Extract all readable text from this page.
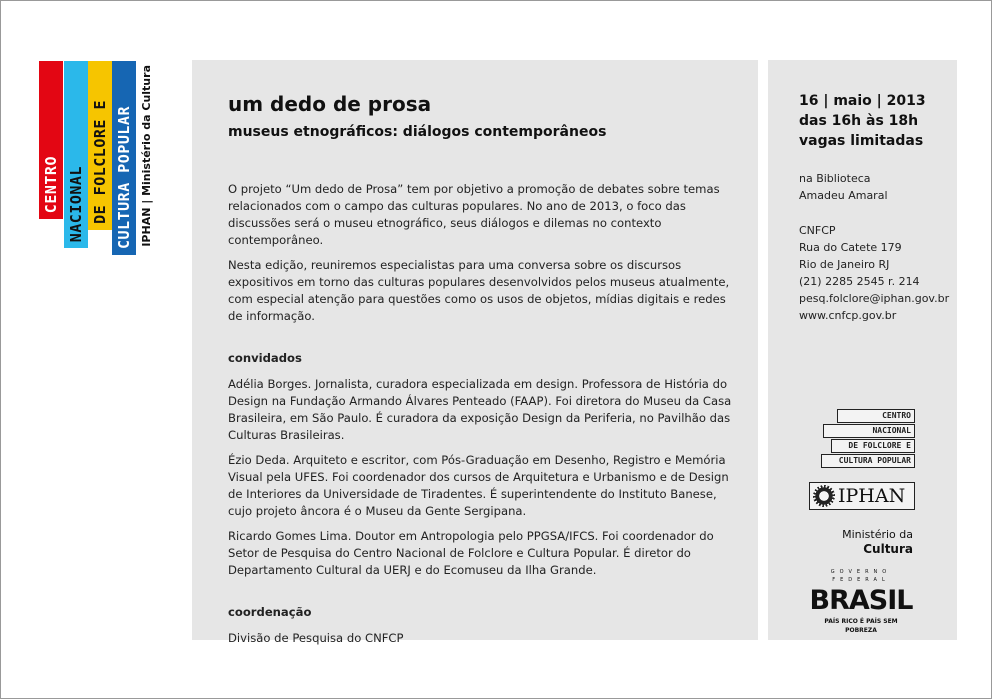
CENTRO NACIONAL DE FOLCLORE E CULTURA POPULAR IPHAN | Ministério da Cultura	um dedo de prosa
museus etnográficos: diálogos contemporâneos

O projeto “Um dedo de Prosa” tem por objetivo a promoção de debates sobre temas relacionados com o campo das culturas populares. No ano de 2013, o foco das discussões será o museu etnográfico, seus diálogos e dilemas no contexto contemporâneo.

Nesta edição, reuniremos especialistas para uma conversa sobre os discursos expositivos em torno das culturas populares desenvolvidos pelos museus atualmente, com especial atenção para questões como os usos de objetos, mídias digitais e redes de informação.

convidados

Adélia Borges. Jornalista, curadora especializada em design. Professora de História do Design na Fundação Armando Álvares Penteado (FAAP). Foi diretora do Museu da Casa Brasileira, em São Paulo. É curadora da exposição Design da Periferia, no Pavilhão das Culturas Brasileiras.

Ézio Deda. Arquiteto e escritor, com Pós-Graduação em Desenho, Registro e Memória Visual pela UFES. Foi coordenador dos cursos de Arquitetura e Urbanismo e de Design de Interiores da Universidade de Tiradentes. É superintendente do Instituto Banese, cujo projeto âncora é o Museu da Gente Sergipana.

Ricardo Gomes Lima. Doutor em Antropologia pelo PPGSA/IFCS. Foi coordenador do Setor de Pesquisa do Centro Nacional de Folclore e Cultura Popular. É diretor do Departamento Cultural da UERJ e do Ecomuseu da Ilha Grande.

coordenação

Divisão de Pesquisa do CNFCP

16 | maio | 2013
das 16h às 18h
vagas limitadas
na Biblioteca
Amadeu Amaral
CNFCP
Rua do Catete 179
Rio de Janeiro RJ
(21) 2285 2545 r. 214
pesq.folclore@iphan.gov.br
www.cnfcp.gov.br
CENTRO
NACIONAL
DE FOLCLORE E
CULTURA POPULAR
IPHAN
Ministério da
Cultura
GOVERNO FEDERAL
BRASIL
PAÍS RICO É PAÍS SEM POBREZA
